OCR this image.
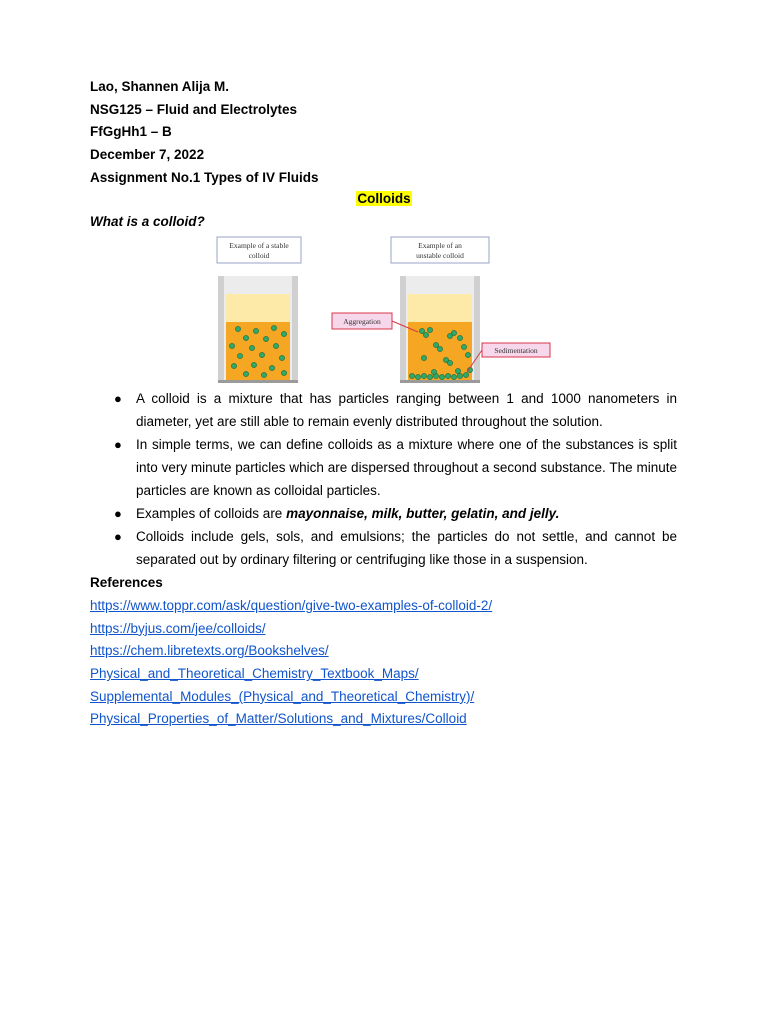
Lao, Shannen Alija M.
NSG125 – Fluid and Electrolytes
FfGgHh1 – B
December 7, 2022
Assignment No.1 Types of IV Fluids
Colloids
What is a colloid?
Example of a stable
colloid
Example of an
unstable colloid
Aggregation
Sedimentation
● A colloid is a mixture that has particles ranging between 1 and 1000 nanometers in diameter, yet are still able to remain evenly distributed throughout the solution.
● In simple terms, we can define colloids as a mixture where one of the substances is split into very minute particles which are dispersed throughout a second substance. The minute particles are known as colloidal particles.
● Examples of colloids are mayonnaise, milk, butter, gelatin, and jelly.
● Colloids include gels, sols, and emulsions; the particles do not settle, and cannot be separated out by ordinary filtering or centrifuging like those in a suspension.
References
https://www.toppr.com/ask/question/give-two-examples-of-colloid-2/
https://byjus.com/jee/colloids/
https://chem.libretexts.org/Bookshelves/
Physical_and_Theoretical_Chemistry_Textbook_Maps/
Supplemental_Modules_(Physical_and_Theoretical_Chemistry)/
Physical_Properties_of_Matter/Solutions_and_Mixtures/Colloid
